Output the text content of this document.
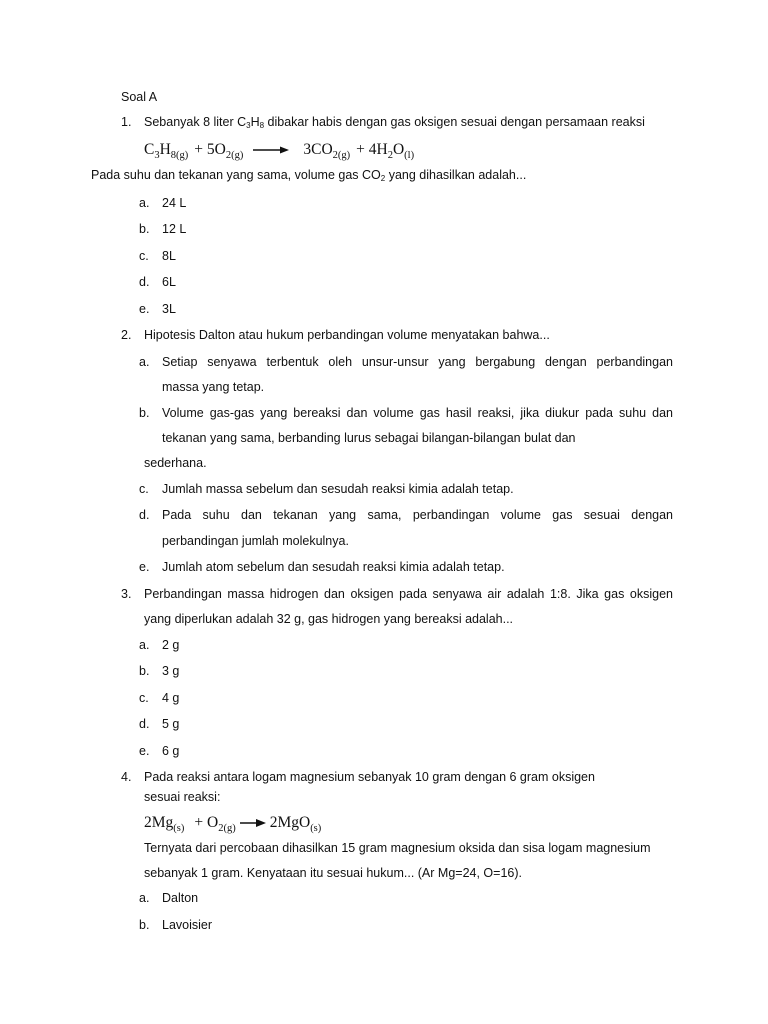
Soal A
1. Sebanyak 8 liter $C_3H_8$ dibakar habis dengan gas oksigen sesuai dengan persamaan reaksi
$C_3H_{8(g)} + 5O_{2(g)} \to 3CO_{2(g)} + 4H_2O_{(l)}$
Pada suhu dan tekanan yang sama, volume gas $CO_2$ yang dihasilkan adalah...
a. 24 L
b. 12 L
c. 8L
d. 6L
e. 3L
2. Hipotesis Dalton atau hukum perbandingan volume menyatakan bahwa...
a. Setiap senyawa terbentuk oleh unsur-unsur yang bergabung dengan perbandingan
massa yang tetap.
b. Volume gas-gas yang bereaksi dan volume gas hasil reaksi, jika diukur pada suhu dan
tekanan yang sama, berbanding lurus sebagai bilangan-bilangan bulat dan
sederhana.
c. Jumlah massa sebelum dan sesudah reaksi kimia adalah tetap.
d. Pada suhu dan tekanan yang sama, perbandingan volume gas sesuai dengan
perbandingan jumlah molekulnya.
e. Jumlah atom sebelum dan sesudah reaksi kimia adalah tetap.
3. Perbandingan massa hidrogen dan oksigen pada senyawa air adalah 1:8. Jika gas oksigen
yang diperlukan adalah 32 g, gas hidrogen yang bereaksi adalah...
a. 2 g
b. 3 g
c. 4 g
d. 5 g
e. 6 g
4. Pada reaksi antara logam magnesium sebanyak 10 gram dengan 6 gram oksigen
sesuai reaksi:
$2Mg_{(s)} + O_{2(g)} \to 2MgO_{(s)}$
Ternyata dari percobaan dihasilkan 15 gram magnesium oksida dan sisa logam magnesium
sebanyak 1 gram. Kenyataan itu sesuai hukum... (Ar Mg=24, O=16).
a. Dalton
b. Lavoisier
